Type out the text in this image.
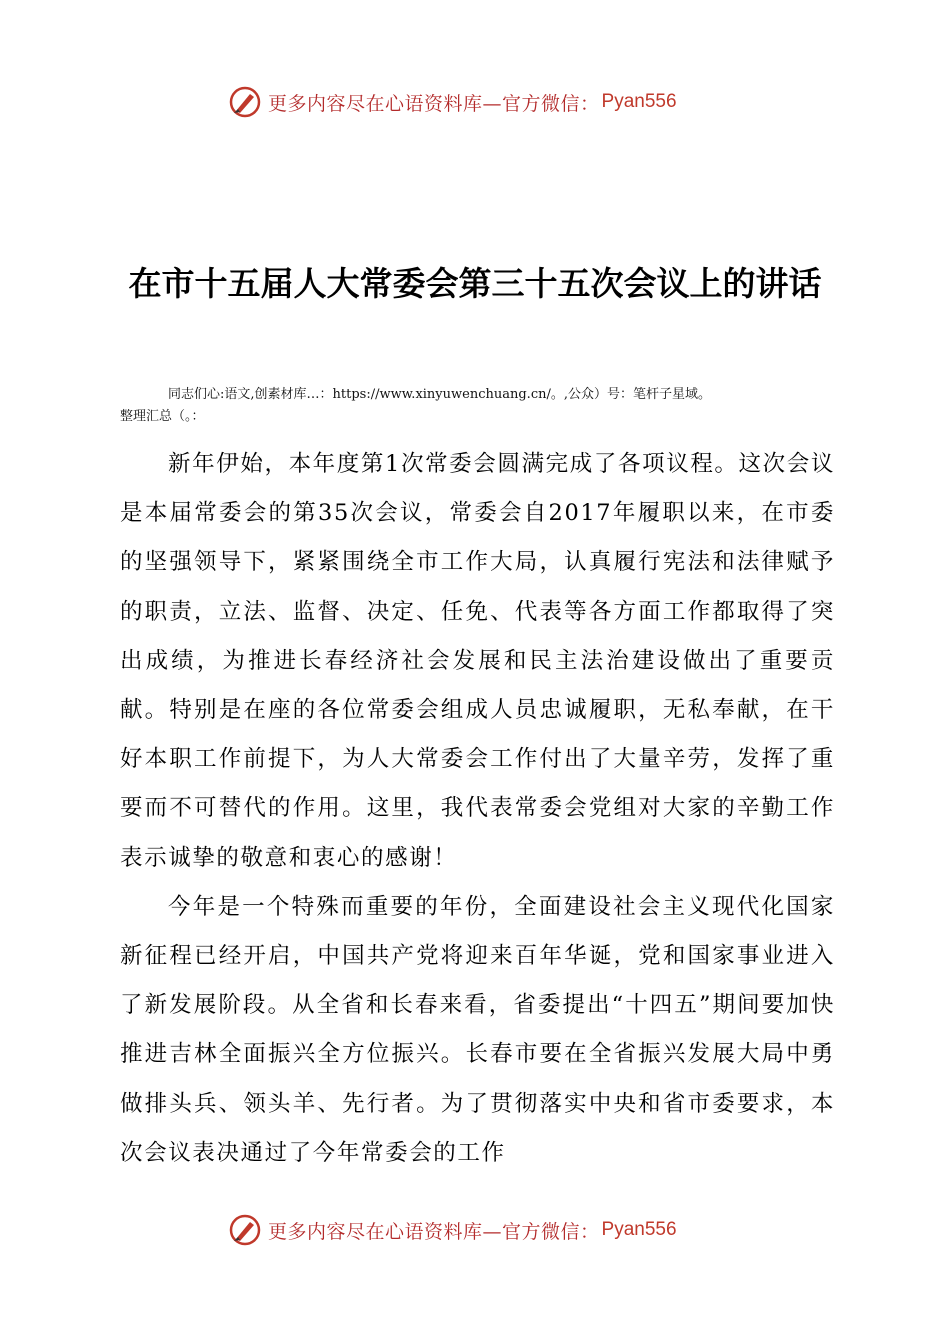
更多内容尽在心语资料库—官方微信： Pyan556
在市十五届人大常委会第三十五次会议上的讲话

同志们心:语文,创素材库…：https://www.xinyuwenchuang.cn/。,公众）号：笔杆子星域。

整理汇总（。：

新年伊始，本年度第1次常委会圆满完成了各项议程。这次会议是本届常委会的第35次会议，常委会自2017年履职以来，在市委的坚强领导下，紧紧围绕全市工作大局，认真履行宪法和法律赋予的职责，立法、监督、决定、任免、代表等各方面工作都取得了突出成绩，为推进长春经济社会发展和民主法治建设做出了重要贡献。特别是在座的各位常委会组成人员忠诚履职，无私奉献，在干好本职工作前提下，为人大常委会工作付出了大量辛劳，发挥了重要而不可替代的作用。这里，我代表常委会党组对大家的辛勤工作表示诚挚的敬意和衷心的感谢！

今年是一个特殊而重要的年份，全面建设社会主义现代化国家新征程已经开启，中国共产党将迎来百年华诞，党和国家事业进入了新发展阶段。从全省和长春来看，省委提出“十四五”期间要加快推进吉林全面振兴全方位振兴。长春市要在全省振兴发展大局中勇做排头兵、领头羊、先行者。为了贯彻落实中央和省市委要求，本次会议表决通过了今年常委会的工作

更多内容尽在心语资料库—官方微信： Pyan556
